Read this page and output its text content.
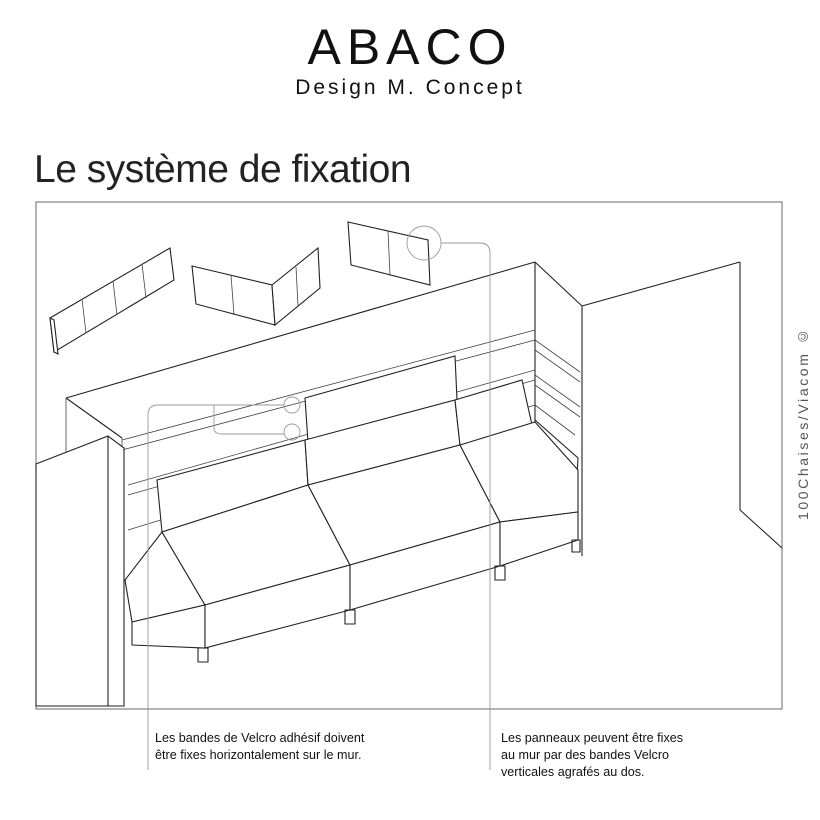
ABACO
Design M. Concept
Le système de fixation
100Chaises/Viacom ©
Les bandes de Velcro adhésif doivent
être fixes horizontalement sur le mur.
Les panneaux peuvent être fixes
au mur par des bandes Velcro
verticales agrafés au dos.
